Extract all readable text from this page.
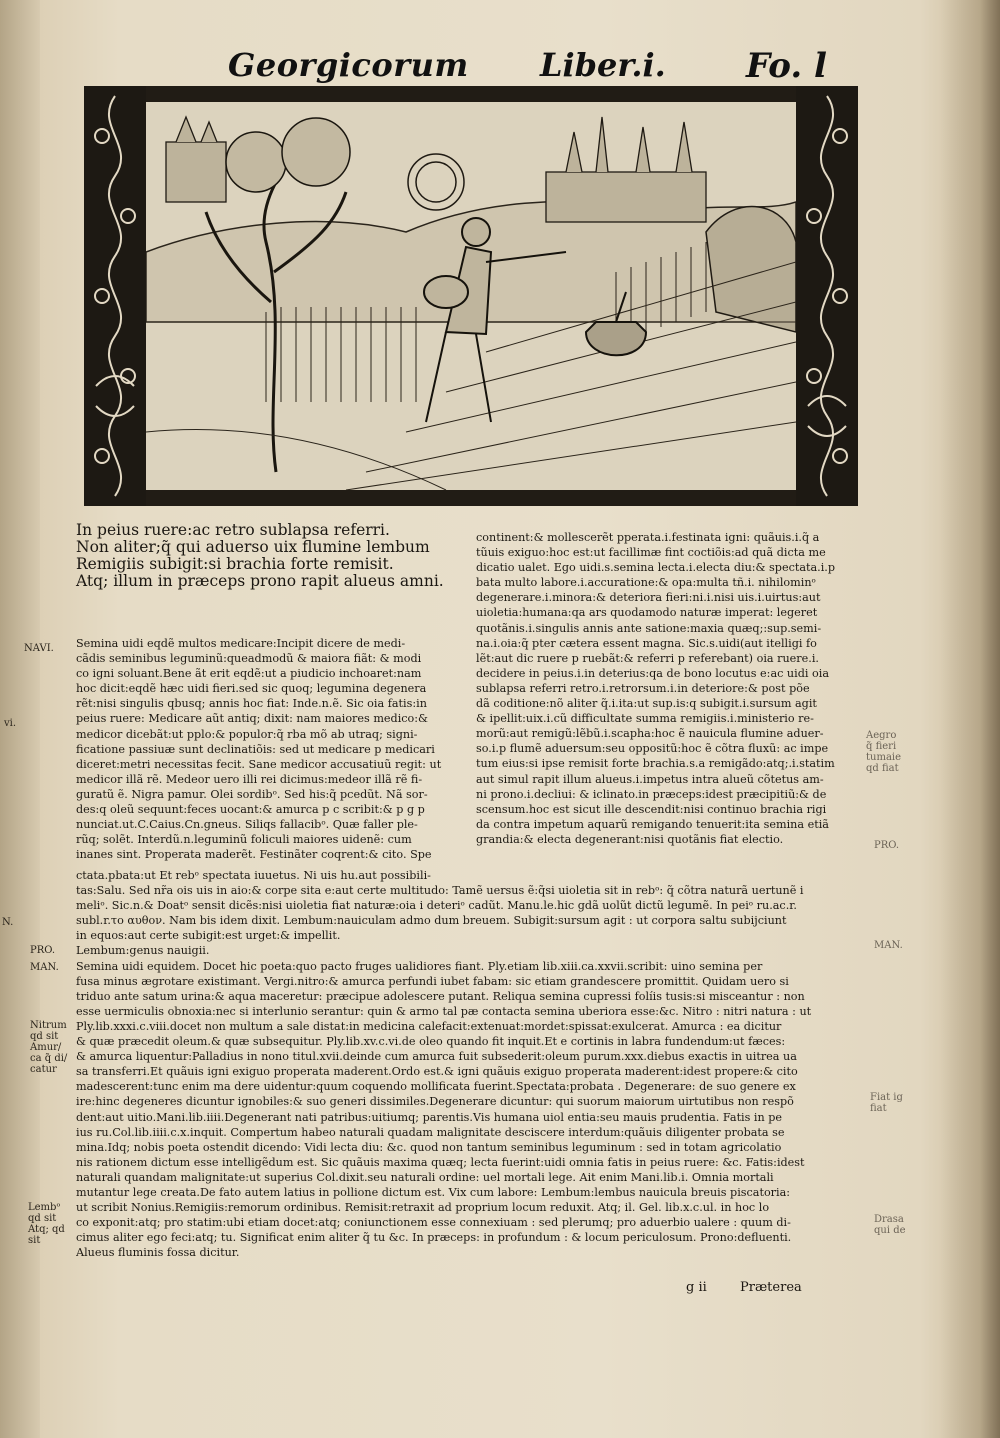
Georgicorum Liber.i. Fo. l
In peius ruere:ac retro sublapsa referri.
Non aliter;q̃ qui aduerso uix flumine lembum
Remigiis subigit:si brachia forte remisit.
Atq; illum in præceps prono rapit alueus amni.
continent:& mollescerẽt pperata.i.festinata igni: quãuis.i.q̃ a
tũuis exiguo:hoc est:ut facillimæ fint coctiõis:ad quã dicta me
dicatio ualet. Ego uidi.s.semina lecta.i.electa diu:& spectata.i.p
bata multo labore.i.accuratione:& opa:multa tñ.i. nihilominᵒ
degenerare.i.minora:& deteriora fieri:ni.i.nisi uis.i.uirtus:aut
uioletia:humana:qa ars quodamodo naturæ imperat: legeret
quotãnis.i.singulis annis ante satione:maxia quæq;:sup.semi-
na.i.oia:q̃ pter cætera essent magna. Sic.s.uidi(aut itelligi fo
lẽt:aut dic ruere p ruebãt:& referri p referebant) oia ruere.i.
decidere in peius.i.in deterius:qa de bono locutus e:ac uidi oia
sublapsa referri retro.i.retrorsum.i.in deteriore:& post põe
dã coditione:nõ aliter q̃.i.ita:ut sup.is:q subigit.i.sursum agit
& ipellit:uix.i.cũ difficultate summa remigiis.i.ministerio re-
morũ:aut remigũ:lẽbũ.i.scapha:hoc ẽ nauicula flumine aduer-
so.i.p flumẽ aduersum:seu oppositũ:hoc ẽ cõtra fluxũ: ac impe
tum eius:si ipse remisit forte brachia.s.a remigãdo:atq;.i.statim
aut simul rapit illum alueus.i.impetus intra alueũ cõtetus am-
ni prono.i.decliui: & iclinato.in præceps:idest præcipitiũ:& de
scensum.hoc est sicut ille descendit:nisi continuo brachia rigi
da contra impetum aquarũ remigando tenuerit:ita semina etiã
grandia:& electa degenerant:nisi quotãnis fiat electio.
Semina uidi eqdẽ multos medicare:Incipit dicere de medi-
cãdis seminibus leguminũ:queadmodũ & maiora fiãt: & modi
co igni soluant.Bene ãt erit eqdẽ:ut a piudicio inchoaret:nam
hoc dicit:eqdẽ hæc uidi fieri.sed sic quoq; legumina degenera
rẽt:nisi singulis qbusq; annis hoc fiat: Inde.n.ẽ. Sic oia fatis:in
peius ruere: Medicare aũt antiq; dixit: nam maiores medico:&
medicor dicebãt:ut pplo:& populor:q̃ rba mõ ab utraq; signi-
ficatione passiuæ sunt declinatiõis: sed ut medicare p medicari
diceret:metri necessitas fecit. Sane medicor accusatiuũ regit: ut
medicor illã rẽ. Medeor uero illi rei dicimus:medeor illã rẽ fi-
guratũ ẽ. Nigra pamur. Olei sordibᵒ. Sed his:q̃ pcedũt. Nã sor-
des:q oleũ sequunt:feces uocant:& amurca p c scribit:& p g p
nunciat.ut.C.Caius.Cn.gneus. Siliqs fallacibᵒ. Quæ faller ple-
rũq; solẽt. Interdũ.n.leguminũ foliculi maiores uidenẽ: cum
inanes sint. Properata maderẽt. Festinãter coqrent:& cito. Spe
ctata.pbata:ut Et rebᵒ spectata iuuetus. Ni uis hu.aut possibili-
tas:Salu. Sed nr̃a ois uis in aio:& corpe sita e:aut certe multitudo: Tamẽ uersus ẽ:q̃si uioletia sit in rebᵒ: q̃ cõtra naturã uertunẽ i
meliᵒ. Sic.n.& Doatᵒ sensit dicẽs:nisi uioletia fiat naturæ:oia i deteriᵒ cadũt. Manu.le.hic gdã uolũt dictũ legumẽ. In peiᵒ ru.ac.r.
subl.r.το αυθον. Nam bis idem dixit. Lembum:nauiculam admo dum breuem. Subigit:sursum agit : ut corpora saltu subijciunt
in equos:aut certe subigit:est urget:& impellit.
Lembum:genus nauigii.
Semina uidi equidem. Docet hic poeta:quo pacto fruges ualidiores fiant. Ply.etiam lib.xiii.ca.xxvii.scribit: uino semina per
fusa minus ægrotare existimant. Vergi.nitro:& amurca perfundi iubet fabam: sic etiam grandescere promittit. Quidam uero si
triduo ante satum urina:& aqua maceretur: præcipue adolescere putant. Reliqua semina cupressi folíis tusis:si misceantur : non
esse uermiculis obnoxia:nec si interlunio serantur: quin & armo tal pæ contacta semina uberiora esse:&c. Nitro : nitri natura : ut
Ply.lib.xxxi.c.viii.docet non multum a sale distat:in medicina calefacit:extenuat:mordet:spissat:exulcerat. Amurca : ea dicitur
& quæ præcedit oleum.& quæ subsequitur. Ply.lib.xv.c.vi.de oleo quando fit inquit.Et e cortinis in labra fundendum:ut fæces:
& amurca liquentur:Palladius in nono titul.xvii.deinde cum amurca fuit subsederit:oleum purum.xxx.diebus exactis in uitrea ua
sa transferri.Et quãuis igni exiguo properata maderent.Ordo est.& igni quãuis exiguo properata maderent:idest propere:& cito
madescerent:tunc enim ma dere uidentur:quum coquendo mollificata fuerint.Spectata:probata . Degenerare: de suo genere ex
ire:hinc degeneres dicuntur ignobiles:& suo generi dissimiles.Degenerare dicuntur: qui suorum maiorum uirtutibus non respõ
dent:aut uitio.Mani.lib.iiii.Degenerant nati patribus:uitiumq; parentis.Vis humana uiol entia:seu mauis prudentia. Fatis in pe
ius ru.Col.lib.iiii.c.x.inquit. Compertum habeo naturali quadam malignitate desciscere interdum:quãuis diligenter probata se
mina.Idq; nobis poeta ostendit dicendo: Vidi lecta diu: &c. quod non tantum seminibus leguminum : sed in totam agricolatio
nis rationem dictum esse intelligẽdum est. Sic quãuis maxima quæq; lecta fuerint:uidi omnia fatis in peius ruere: &c. Fatis:idest
naturali quandam malignitate:ut superius Col.dixit.seu naturali ordine: uel mortali lege. Ait enim Mani.lib.i. Omnia mortali
mutantur lege creata.De fato autem latius in pollione dictum est. Vix cum labore: Lembum:lembus nauicula breuis piscatoria:
ut scribit Nonius.Remigiis:remorum ordinibus. Remisit:retraxit ad proprium locum reduxit. Atq; il. Gel. lib.x.c.ul. in hoc lo
co exponit:atq; pro statim:ubi etiam docet:atq; coniunctionem esse connexiuam : sed plerumq; pro aduerbio ualere : quum di-
cimus aliter ego feci:atq; tu. Significat enim aliter q̃ tu &c. In præceps: in profundum : & locum periculosum. Prono:defluenti.
Alueus fluminis fossa dicitur.
NAVI.
vi.
N.
PRO.
MAN.
Nitrum
qd sit
Amur/
ca q̃ di/
catur
Lembᵒ
qd sit
Atq; qd
sit
Aegro
q̃ fieri
tumaie
qd fiat
PRO.
MAN.
Fiat ig
fiat
Drasa
qui de
g ii	Præterea
